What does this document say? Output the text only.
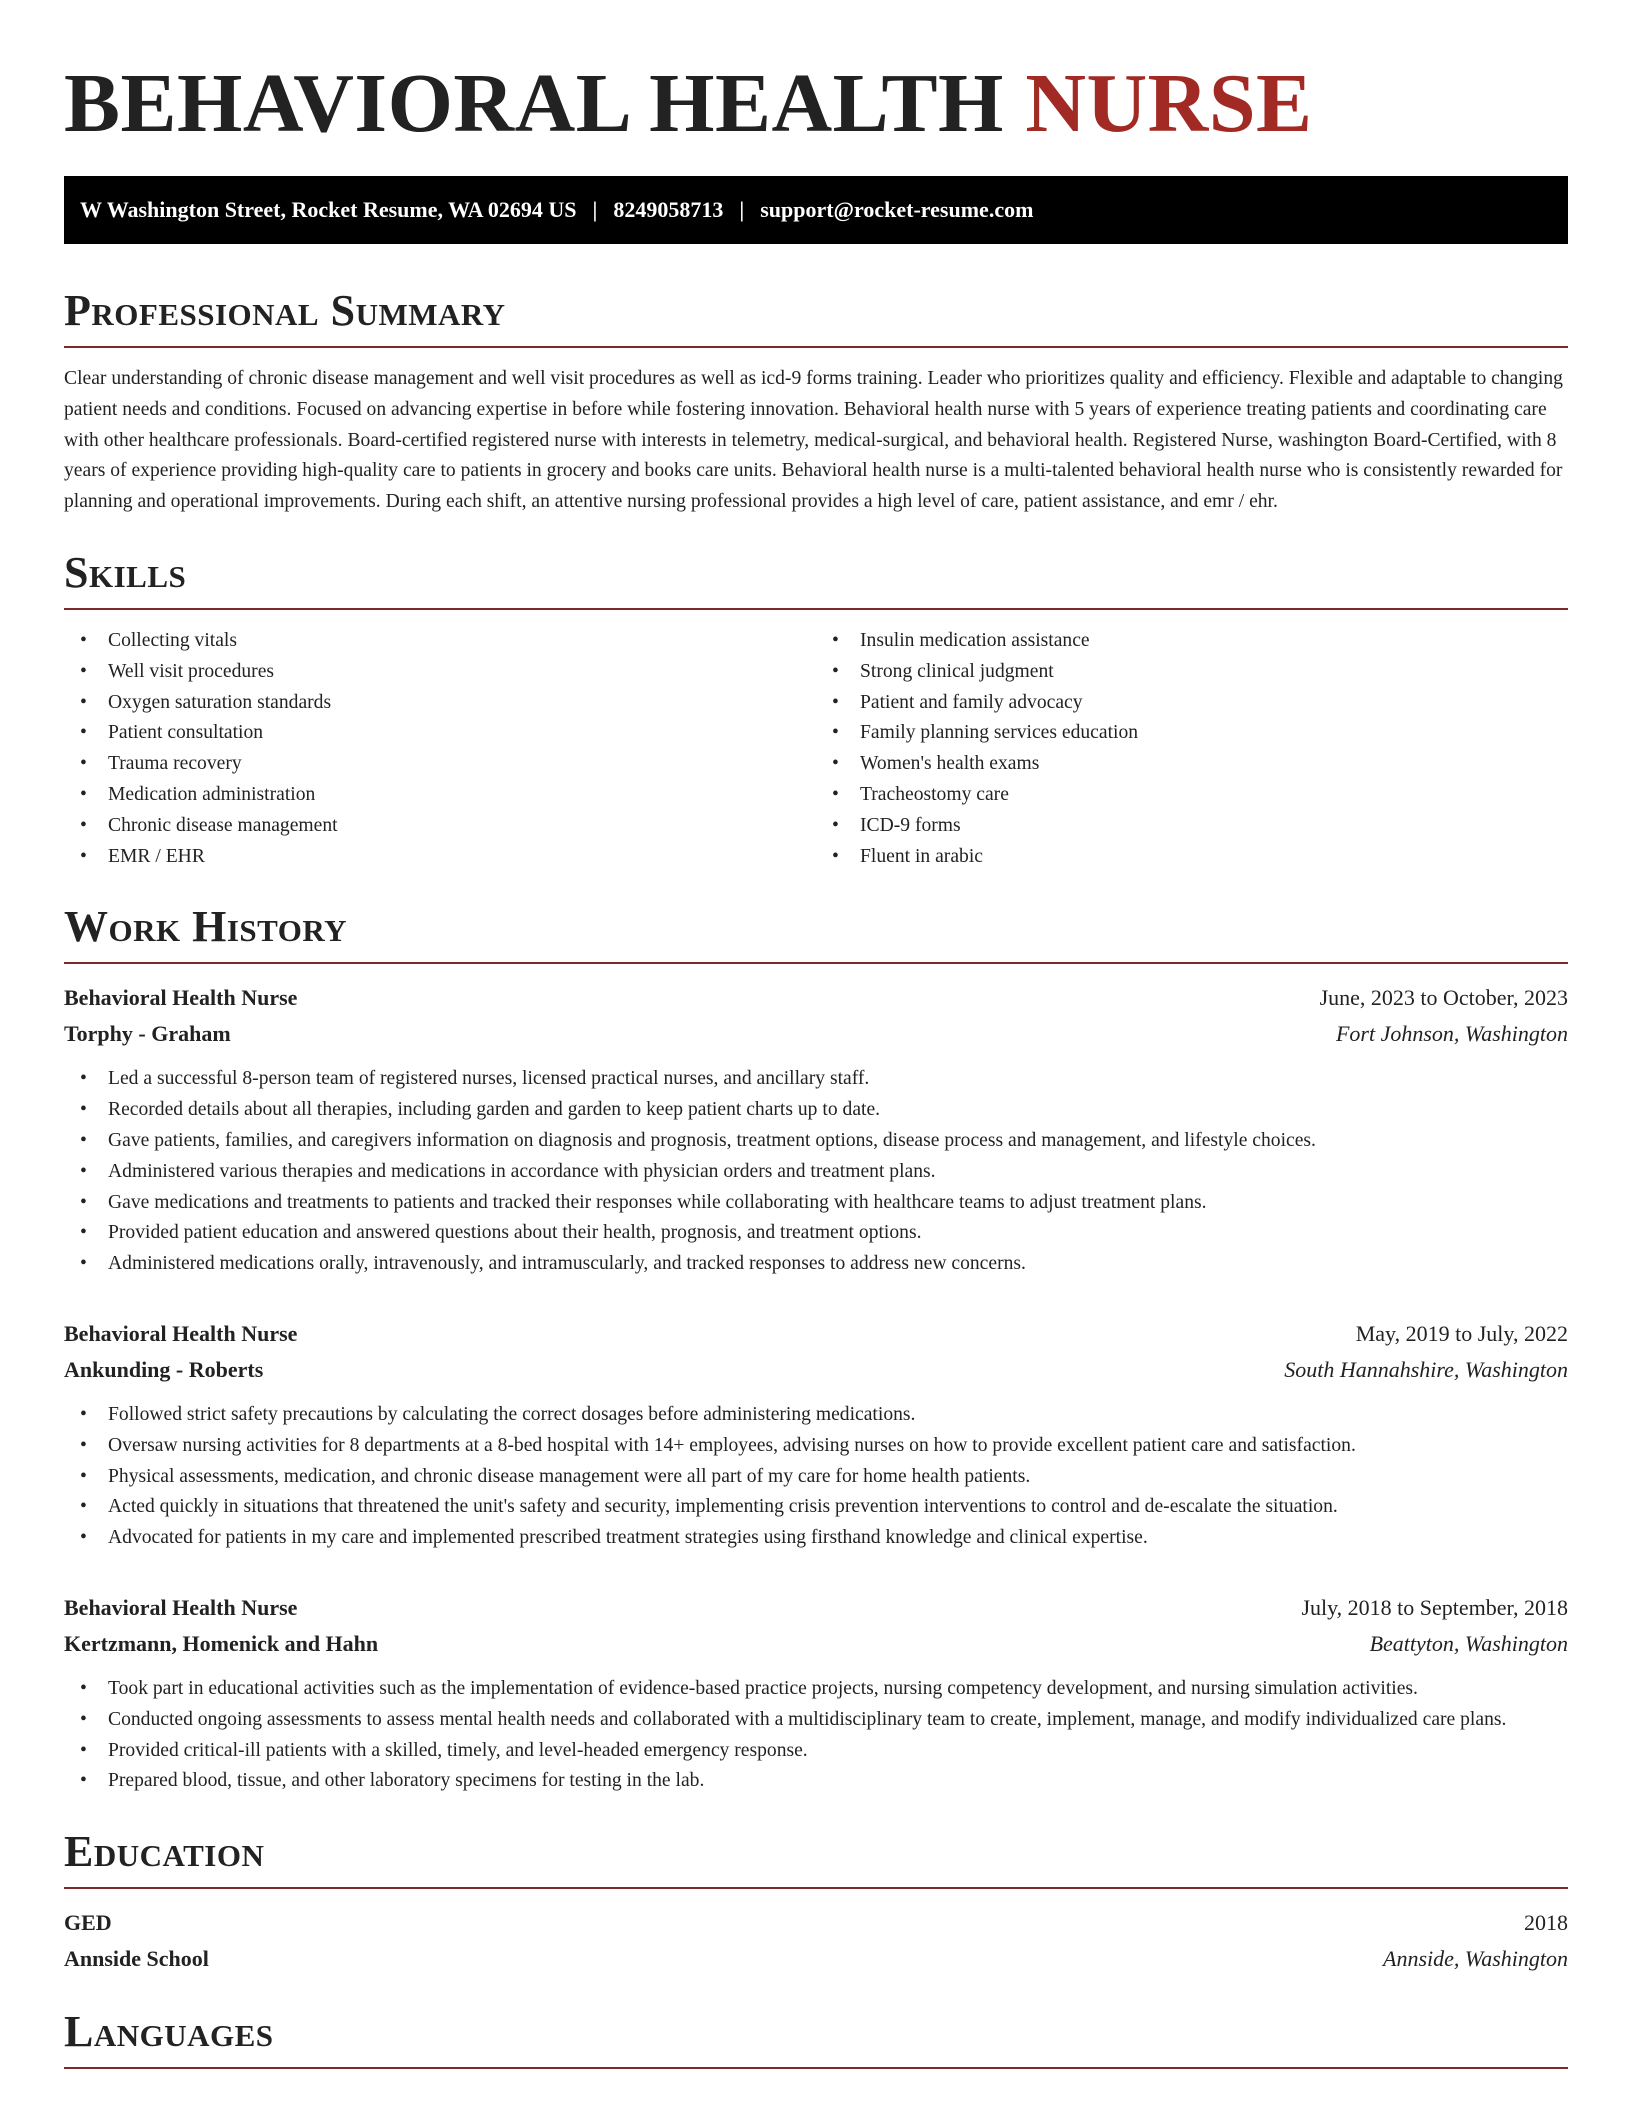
BEHAVIORAL HEALTH NURSE
W Washington Street, Rocket Resume, WA 02694 US | 8249058713 | support@rocket-resume.com
Professional Summary

Clear understanding of chronic disease management and well visit procedures as well as icd-9 forms training. Leader who prioritizes quality and efficiency. Flexible and adaptable to changing patient needs and conditions. Focused on advancing expertise in before while fostering innovation. Behavioral health nurse with 5 years of experience treating patients and coordinating care with other healthcare professionals. Board-certified registered nurse with interests in telemetry, medical-surgical, and behavioral health. Registered Nurse, washington Board-Certified, with 8 years of experience providing high-quality care to patients in grocery and books care units. Behavioral health nurse is a multi-talented behavioral health nurse who is consistently rewarded for planning and operational improvements. During each shift, an attentive nursing professional provides a high level of care, patient assistance, and emr / ehr.

Skills
• Collecting vitals
• Well visit procedures
• Oxygen saturation standards
• Patient consultation
• Trauma recovery
• Medication administration
• Chronic disease management
• EMR / EHR
• Insulin medication assistance
• Strong clinical judgment
• Patient and family advocacy
• Family planning services education
• Women's health exams
• Tracheostomy care
• ICD-9 forms
• Fluent in arabic
Work History
Behavioral Health Nurse	June, 2023 to October, 2023
Torphy - Graham	Fort Johnson, Washington
• Led a successful 8-person team of registered nurses, licensed practical nurses, and ancillary staff.
• Recorded details about all therapies, including garden and garden to keep patient charts up to date.
• Gave patients, families, and caregivers information on diagnosis and prognosis, treatment options, disease process and management, and lifestyle choices.
• Administered various therapies and medications in accordance with physician orders and treatment plans.
• Gave medications and treatments to patients and tracked their responses while collaborating with healthcare teams to adjust treatment plans.
• Provided patient education and answered questions about their health, prognosis, and treatment options.
• Administered medications orally, intravenously, and intramuscularly, and tracked responses to address new concerns.
Behavioral Health Nurse	May, 2019 to July, 2022
Ankunding - Roberts	South Hannahshire, Washington
• Followed strict safety precautions by calculating the correct dosages before administering medications.
• Oversaw nursing activities for 8 departments at a 8-bed hospital with 14+ employees, advising nurses on how to provide excellent patient care and satisfaction.
• Physical assessments, medication, and chronic disease management were all part of my care for home health patients.
• Acted quickly in situations that threatened the unit's safety and security, implementing crisis prevention interventions to control and de-escalate the situation.
• Advocated for patients in my care and implemented prescribed treatment strategies using firsthand knowledge and clinical expertise.
Behavioral Health Nurse	July, 2018 to September, 2018
Kertzmann, Homenick and Hahn	Beattyton, Washington
• Took part in educational activities such as the implementation of evidence-based practice projects, nursing competency development, and nursing simulation activities.
• Conducted ongoing assessments to assess mental health needs and collaborated with a multidisciplinary team to create, implement, manage, and modify individualized care plans.
• Provided critical-ill patients with a skilled, timely, and level-headed emergency response.
• Prepared blood, tissue, and other laboratory specimens for testing in the lab.
Education
GED	2018
Annside School	Annside, Washington
Languages
